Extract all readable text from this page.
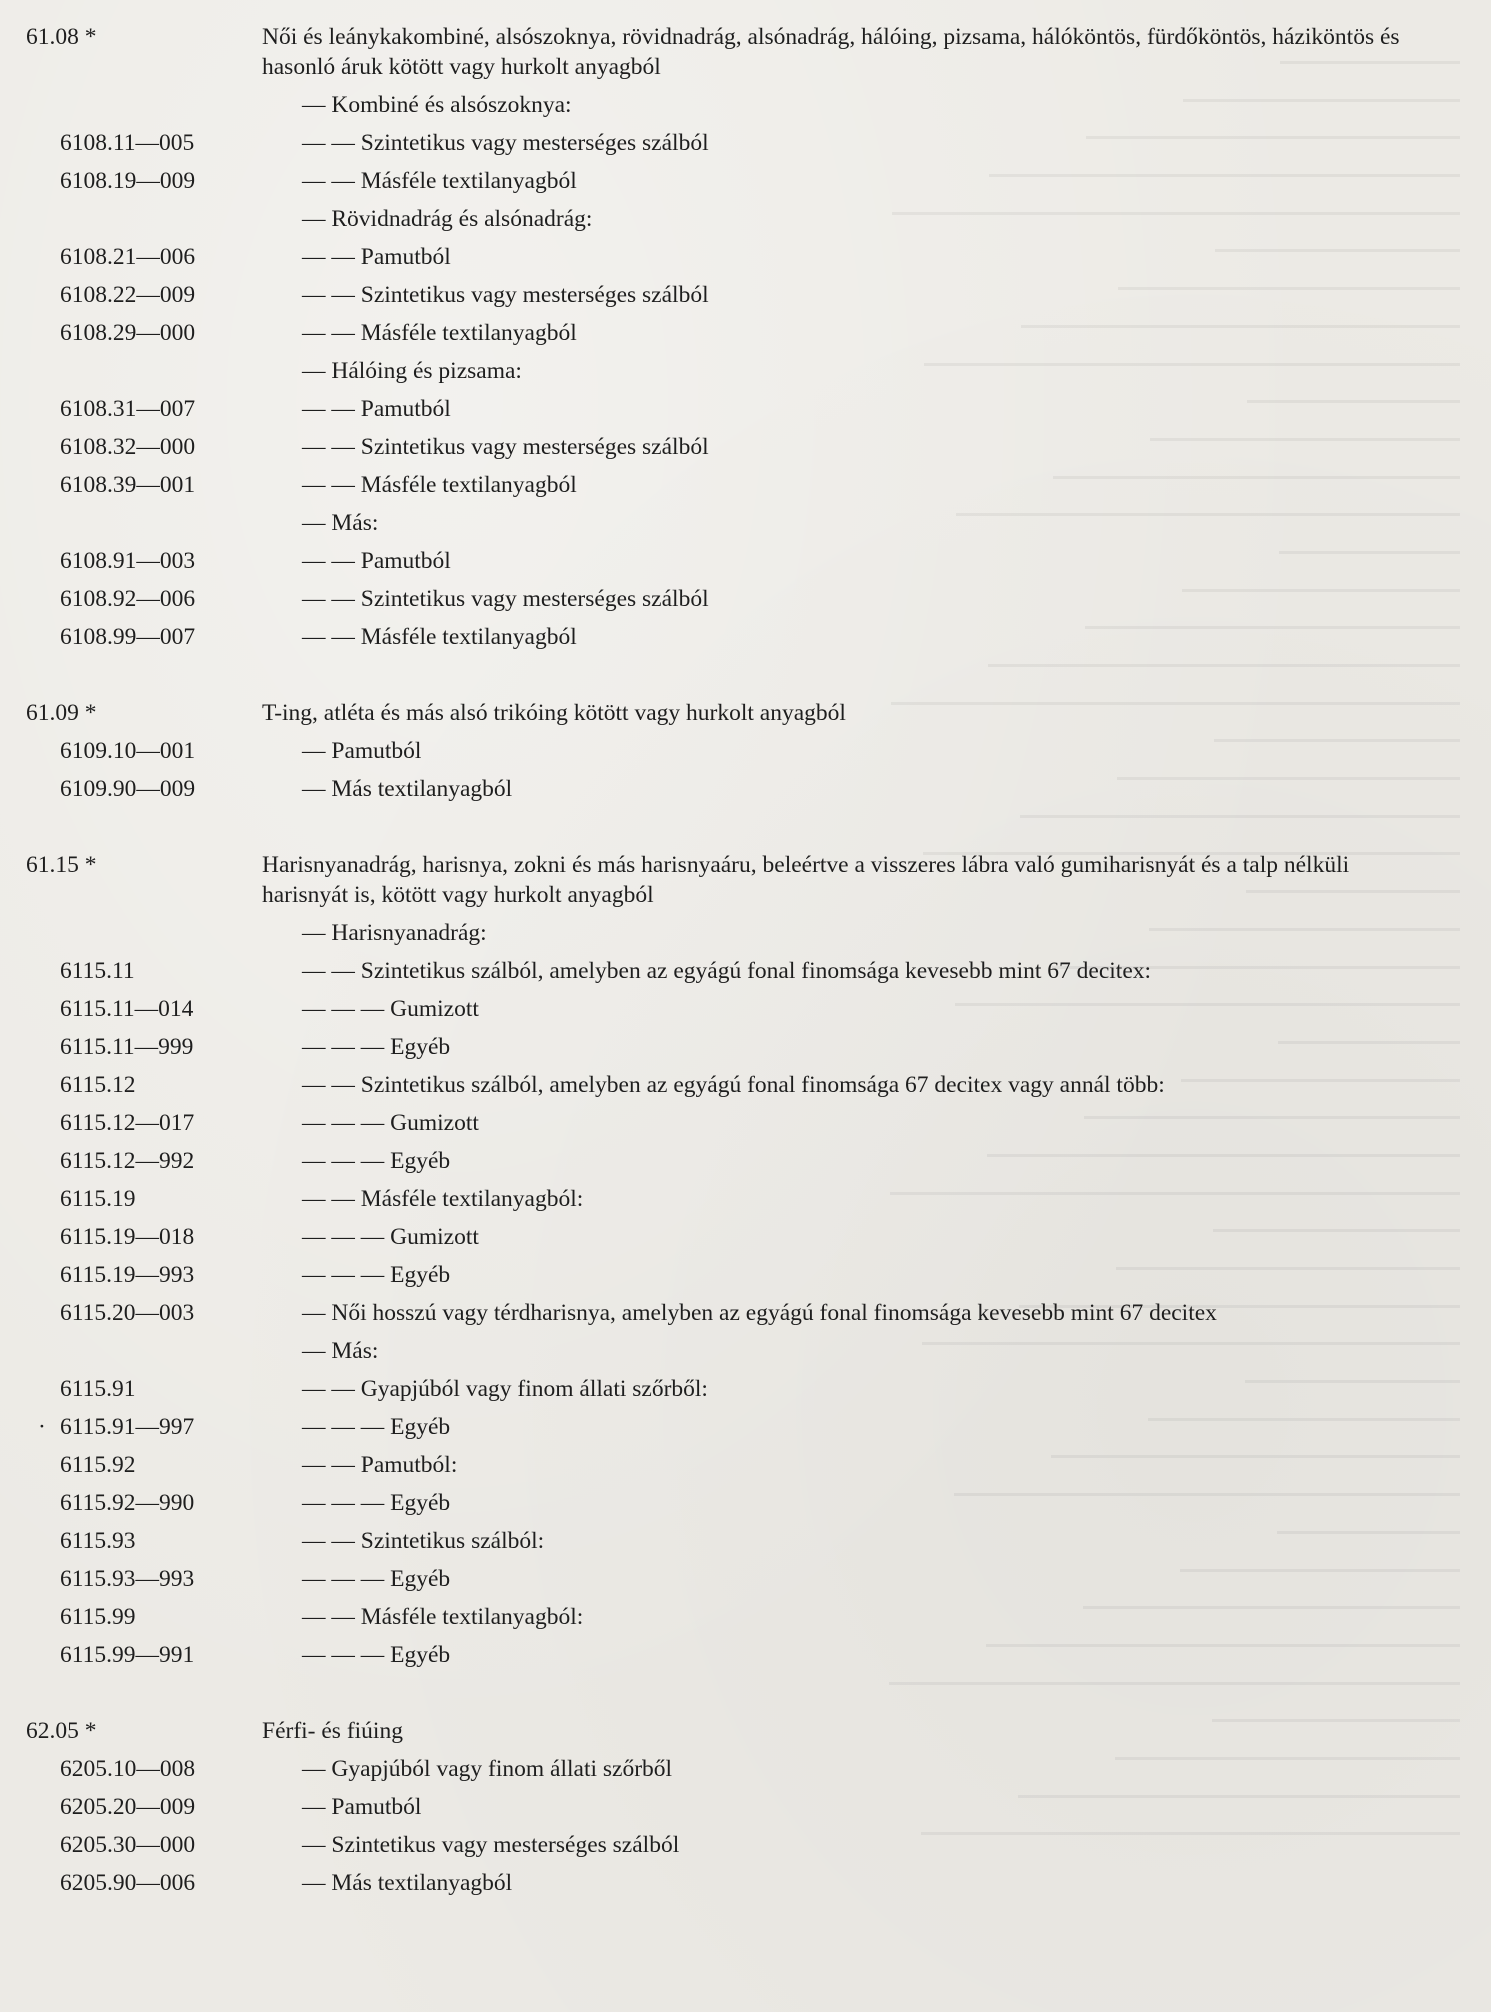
61.08 *	Női és leánykakombiné, alsószoknya, rövidnadrág, alsónadrág, hálóing, pizsama, hálóköntös, fürdőköntös, háziköntös és hasonló áruk kötött vagy hurkolt anyagból
— Kombiné és alsószoknya:
6108.11—005	— — Szintetikus vagy mesterséges szálból
6108.19—009	— — Másféle textilanyagból
— Rövidnadrág és alsónadrág:
6108.21—006	— — Pamutból
6108.22—009	— — Szintetikus vagy mesterséges szálból
6108.29—000	— — Másféle textilanyagból
— Hálóing és pizsama:
6108.31—007	— — Pamutból
6108.32—000	— — Szintetikus vagy mesterséges szálból
6108.39—001	— — Másféle textilanyagból
— Más:
6108.91—003	— — Pamutból
6108.92—006	— — Szintetikus vagy mesterséges szálból
6108.99—007	— — Másféle textilanyagból
61.09 *	T-ing, atléta és más alsó trikóing kötött vagy hurkolt anyagból
6109.10—001	— Pamutból
6109.90—009	— Más textilanyagból
61.15 *	Harisnyanadrág, harisnya, zokni és más harisnyaáru, beleértve a visszeres lábra való gumiharisnyát és a talp nélküli harisnyát is, kötött vagy hurkolt anyagból
— Harisnyanadrág:
6115.11	— — Szintetikus szálból, amelyben az egyágú fonal finomsága kevesebb mint 67 decitex:
6115.11—014	— — — Gumizott
6115.11—999	— — — Egyéb
6115.12	— — Szintetikus szálból, amelyben az egyágú fonal finomsága 67 decitex vagy annál több:
6115.12—017	— — — Gumizott
6115.12—992	— — — Egyéb
6115.19	— — Másféle textilanyagból:
6115.19—018	— — — Gumizott
6115.19—993	— — — Egyéb
6115.20—003	— Női hosszú vagy térdharisnya, amelyben az egyágú fonal finomsága kevesebb mint 67 decitex
— Más:
6115.91	— — Gyapjúból vagy finom állati szőrből:
· 6115.91—997	— — — Egyéb
6115.92	— — Pamutból:
6115.92—990	— — — Egyéb
6115.93	— — Szintetikus szálból:
6115.93—993	— — — Egyéb
6115.99	— — Másféle textilanyagból:
6115.99—991	— — — Egyéb
62.05 *	Férfi- és fiúing
6205.10—008	— Gyapjúból vagy finom állati szőrből
6205.20—009	— Pamutból
6205.30—000	— Szintetikus vagy mesterséges szálból
6205.90—006	— Más textilanyagból
